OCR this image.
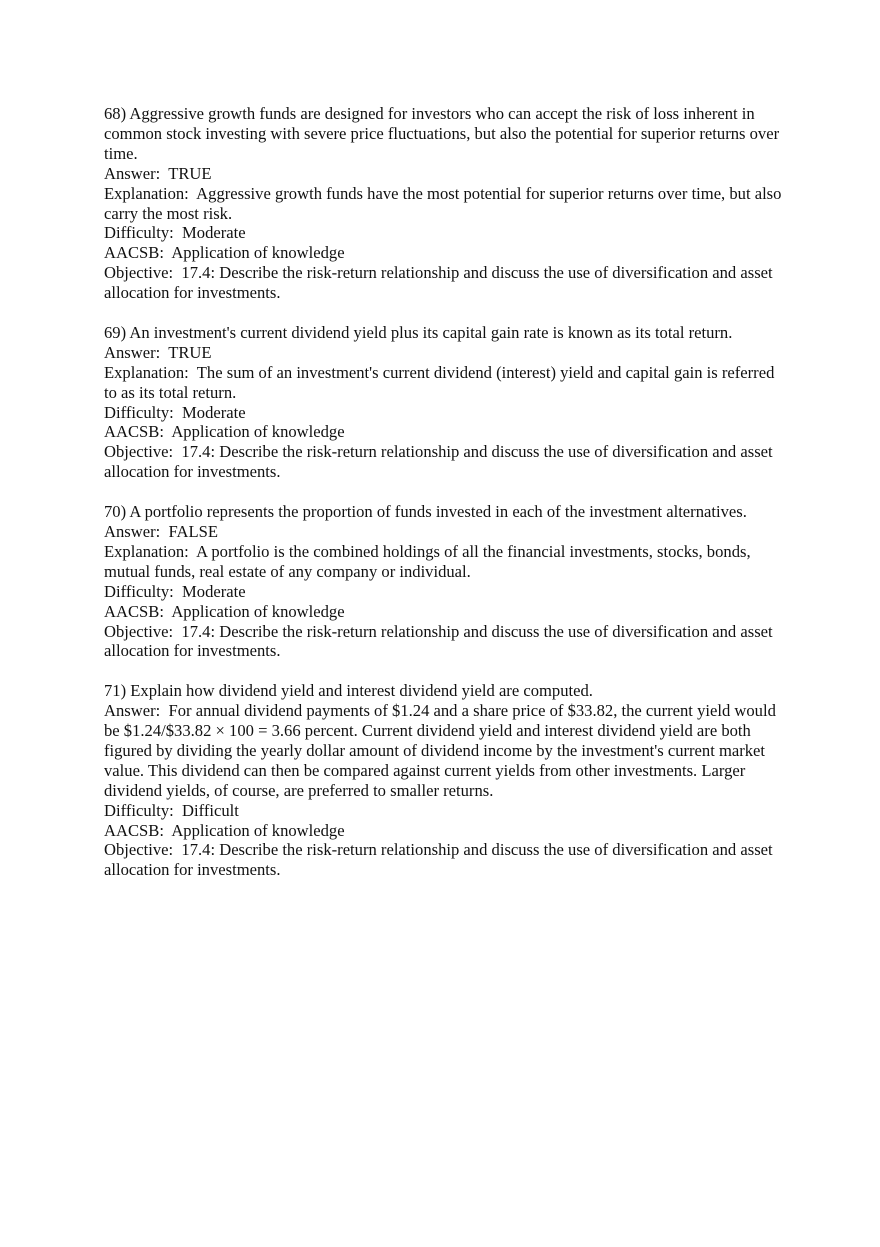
68) Aggressive growth funds are designed for investors who can accept the risk of loss inherent in common stock investing with severe price fluctuations, but also the potential for superior returns over time.
Answer:  TRUE
Explanation:  Aggressive growth funds have the most potential for superior returns over time, but also carry the most risk.
Difficulty:  Moderate
AACSB:  Application of knowledge
Objective:  17.4: Describe the risk-return relationship and discuss the use of diversification and asset allocation for investments.
69) An investment's current dividend yield plus its capital gain rate is known as its total return.
Answer:  TRUE
Explanation:  The sum of an investment's current dividend (interest) yield and capital gain is referred to as its total return.
Difficulty:  Moderate
AACSB:  Application of knowledge
Objective:  17.4: Describe the risk-return relationship and discuss the use of diversification and asset allocation for investments.
70) A portfolio represents the proportion of funds invested in each of the investment alternatives.
Answer:  FALSE
Explanation:  A portfolio is the combined holdings of all the financial investments, stocks, bonds, mutual funds, real estate of any company or individual.
Difficulty:  Moderate
AACSB:  Application of knowledge
Objective:  17.4: Describe the risk-return relationship and discuss the use of diversification and asset allocation for investments.
71) Explain how dividend yield and interest dividend yield are computed.
Answer:  For annual dividend payments of $1.24 and a share price of $33.82, the current yield would be $1.24/$33.82 × 100 = 3.66 percent. Current dividend yield and interest dividend yield are both figured by dividing the yearly dollar amount of dividend income by the investment's current market value. This dividend can then be compared against current yields from other investments. Larger dividend yields, of course, are preferred to smaller returns.
Difficulty:  Difficult
AACSB:  Application of knowledge
Objective:  17.4: Describe the risk-return relationship and discuss the use of diversification and asset allocation for investments.
